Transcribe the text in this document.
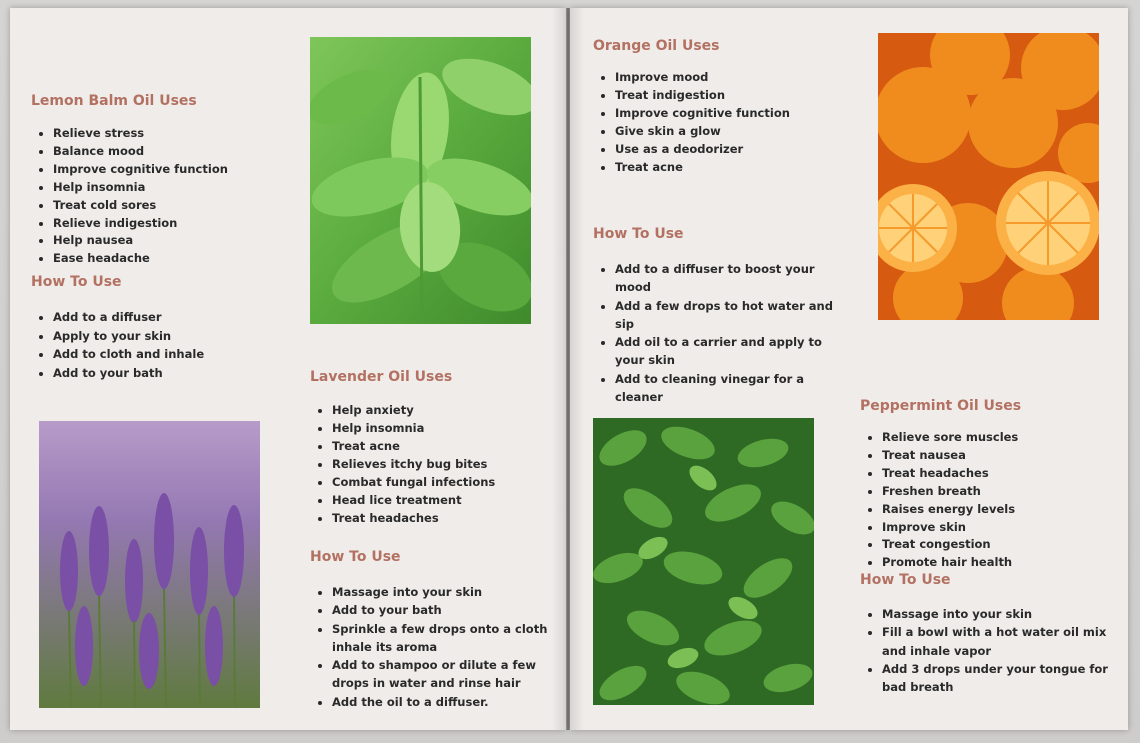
Lemon Balm Oil Uses
• Relieve stress
• Balance mood
• Improve cognitive function
• Help insomnia
• Treat cold sores
• Relieve indigestion
• Help nausea
• Ease headache
How To Use
• Add to a diffuser
• Apply to your skin
• Add to cloth and inhale
• Add to your bath	Lavender Oil Uses
• Help anxiety
• Help insomnia
• Treat acne
• Relieves itchy bug bites
• Combat fungal infections
• Head lice treatment
• Treat headaches
How To Use
• Massage into your skin
• Add to your bath
• Sprinkle a few drops onto a cloth inhale its aroma
• Add to shampoo or dilute a few drops in water and rinse hair
• Add the oil to a diffuser.
Orange Oil Uses
• Improve mood
• Treat indigestion
• Improve cognitive function
• Give skin a glow
• Use as a deodorizer
• Treat acne
How To Use
• Add to a diffuser to boost your mood
• Add a few drops to hot water and sip
• Add oil to a carrier and apply to your skin
• Add to cleaning vinegar for a cleaner
Peppermint Oil Uses
• Relieve sore muscles
• Treat nausea
• Treat headaches
• Freshen breath
• Raises energy levels
• Improve skin
• Treat congestion
• Promote hair health
How To Use
• Massage into your skin
• Fill a bowl with a hot water oil mix and inhale vapor
• Add 3 drops under your tongue for bad breath
